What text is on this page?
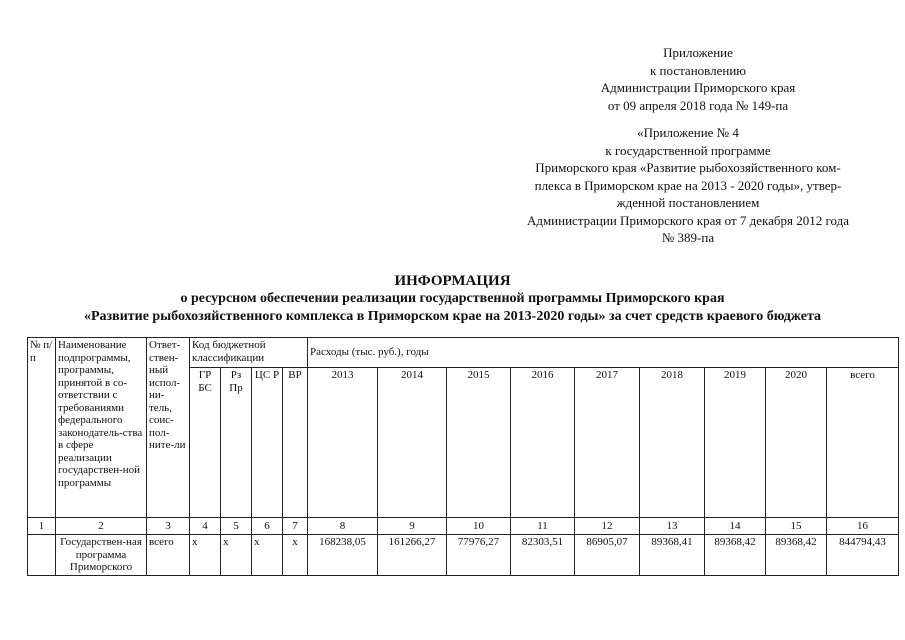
Приложение
к постановлению
Администрации Приморского края
от 09 апреля 2018 года № 149-па
«Приложение № 4
к государственной программе
Приморского края «Развитие рыбохозяйственного ком-
плекса в Приморском крае на 2013 - 2020 годы», утвер-
жденной постановлением
Администрации Приморского края от 7 декабря 2012 года
№ 389-па
ИНФОРМАЦИЯ
о ресурсном обеспечении реализации государственной программы Приморского края
«Развитие рыбохозяйственного комплекса в Приморском крае на 2013-2020 годы» за счет средств краевого бюджета
№ п/п	Наименование подпрограммы, программы, принятой в со-ответствии с требованиями федерального законодатель-ства в сфере реализации государствен-ной программы	Ответ-ствен-ный испол-ни-тель, соис-пол-ните-ли	Код бюджетной классификации				Расходы (тыс. руб.), годы								
			ГР БС	Рз Пр	ЦС Р	ВР	2013	2014	2015	2016	2017	2018	2019	2020	всего
1	2	3	4	5	6	7	8	9	10	11	12	13	14	15	16
	Государствен-ная программа Приморского	всего	х	х	х	х	168238,05	161266,27	77976,27	82303,51	86905,07	89368,41	89368,42	89368,42	844794,43
